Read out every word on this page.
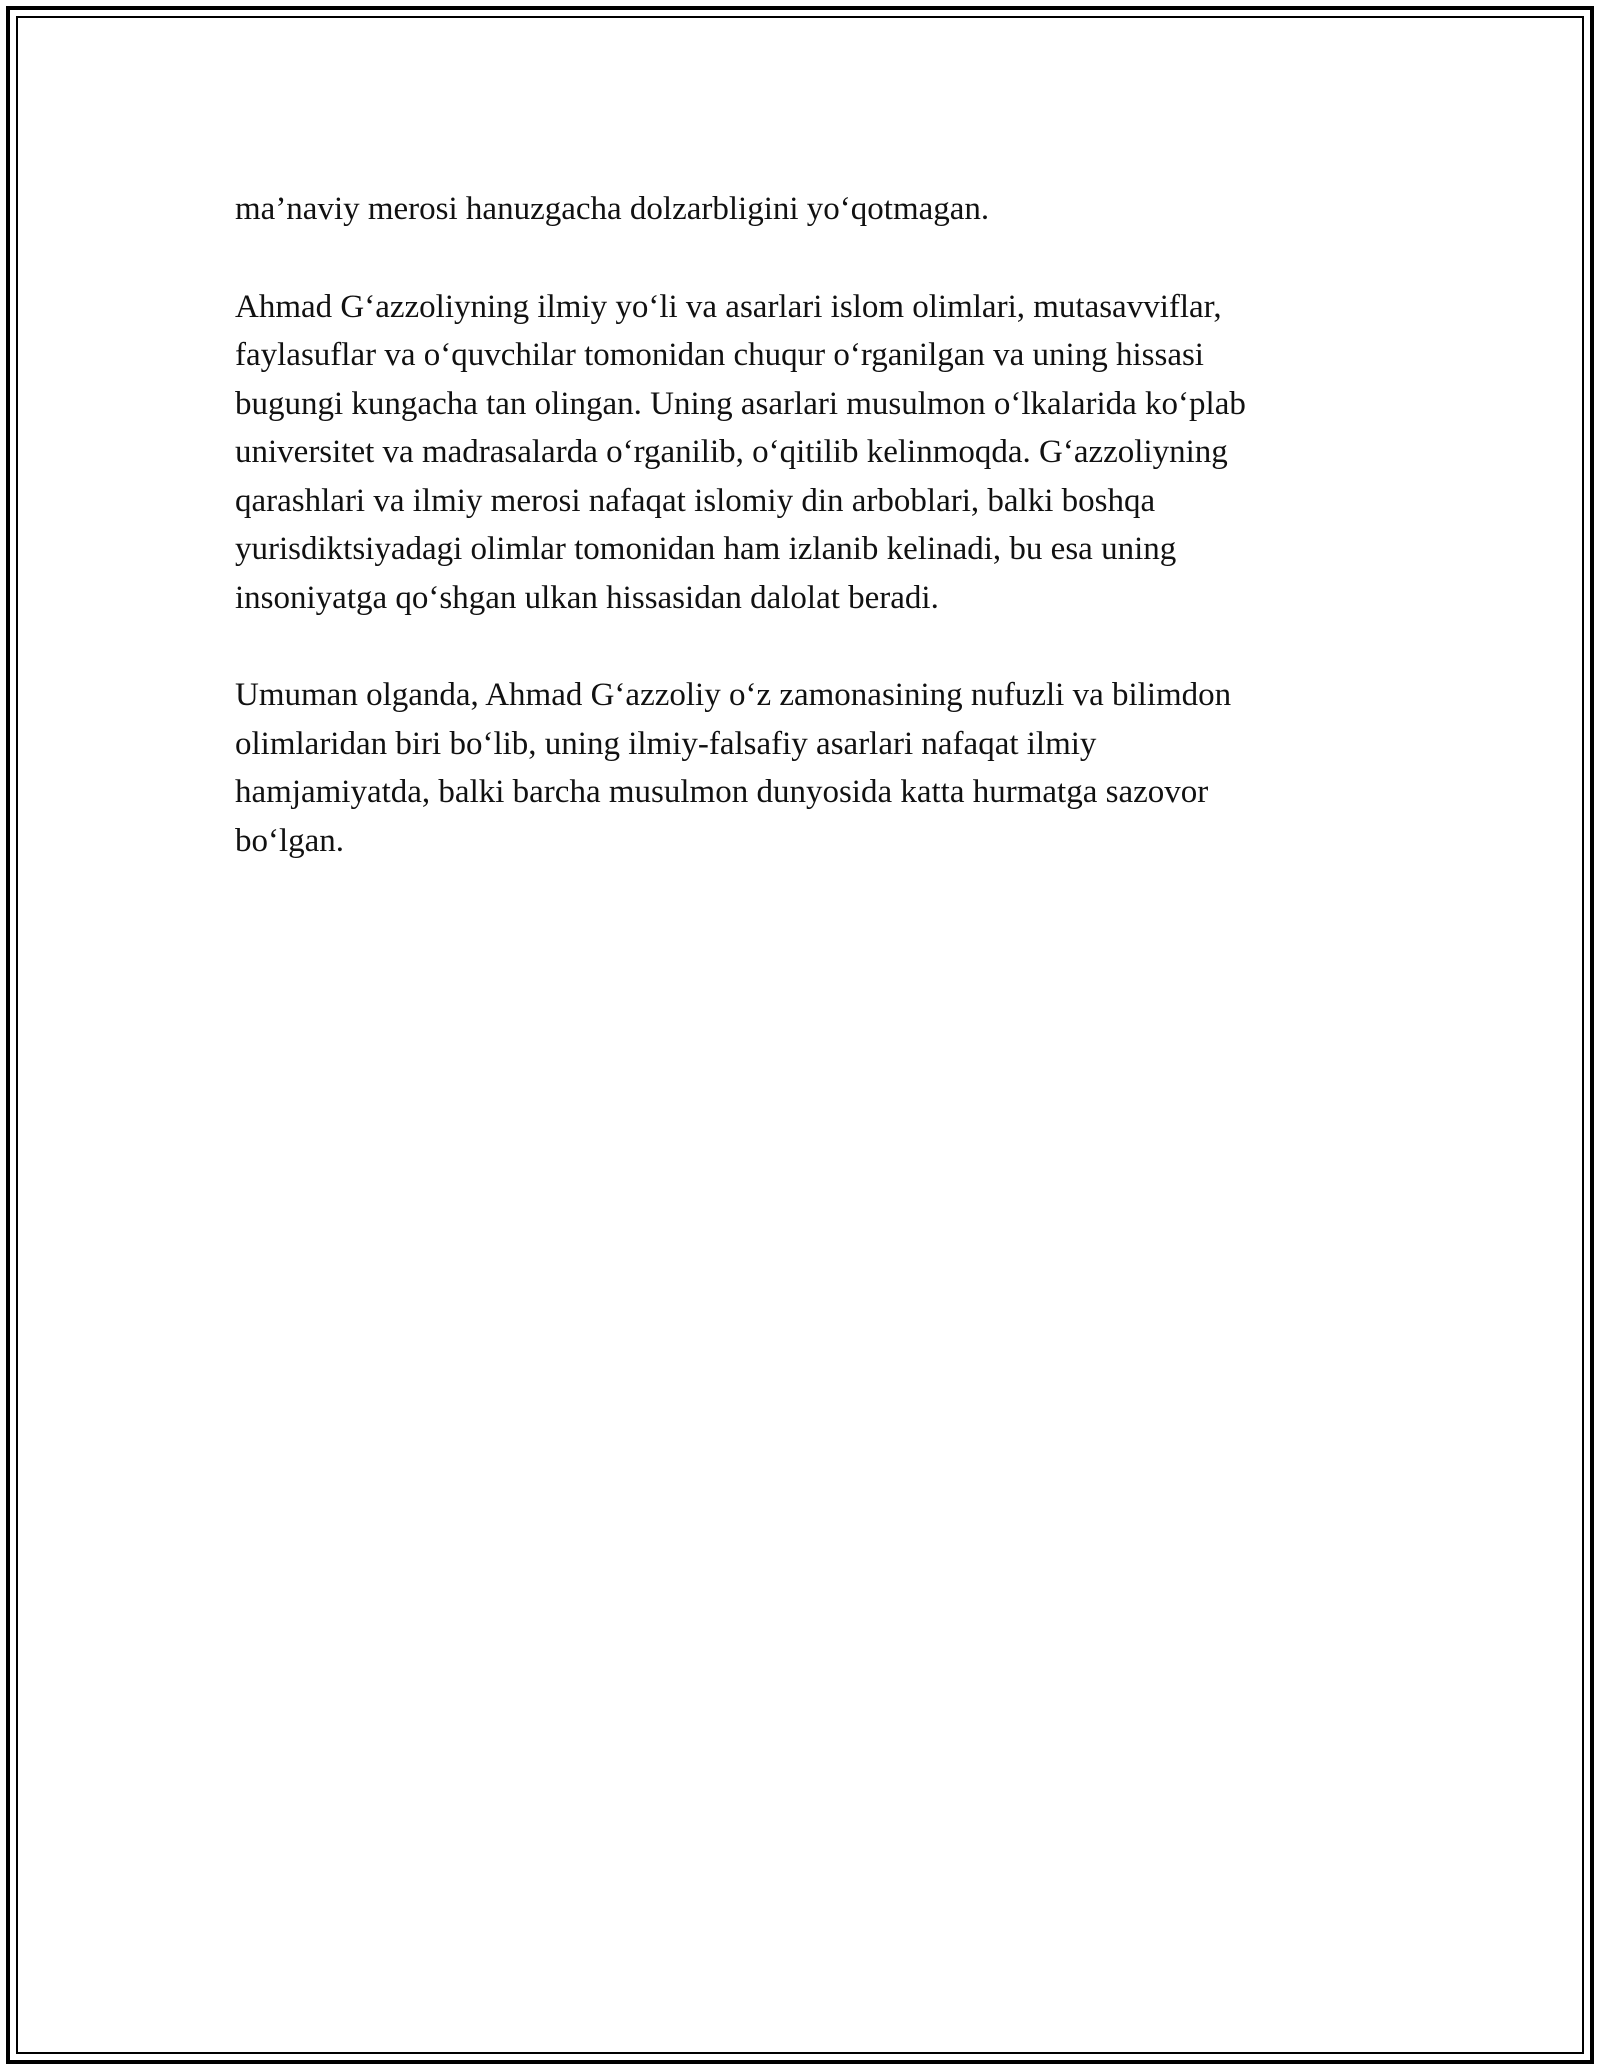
ma’naviy merosi hanuzgacha dolzarbligini yo‘qotmagan.

Ahmad G‘azzoliyning ilmiy yo‘li va asarlari islom olimlari, mutasavviflar,
faylasuflar va o‘quvchilar tomonidan chuqur o‘rganilgan va uning hissasi
bugungi kungacha tan olingan. Uning asarlari musulmon o‘lkalarida ko‘plab
universitet va madrasalarda o‘rganilib, o‘qitilib kelinmoqda. G‘azzoliyning
qarashlari va ilmiy merosi nafaqat islomiy din arboblari, balki boshqa
yurisdiktsiyadagi olimlar tomonidan ham izlanib kelinadi, bu esa uning
insoniyatga qo‘shgan ulkan hissasidan dalolat beradi.

Umuman olganda, Ahmad G‘azzoliy o‘z zamonasining nufuzli va bilimdon
olimlaridan biri bo‘lib, uning ilmiy-falsafiy asarlari nafaqat ilmiy
hamjamiyatda, balki barcha musulmon dunyosida katta hurmatga sazovor
bo‘lgan.
